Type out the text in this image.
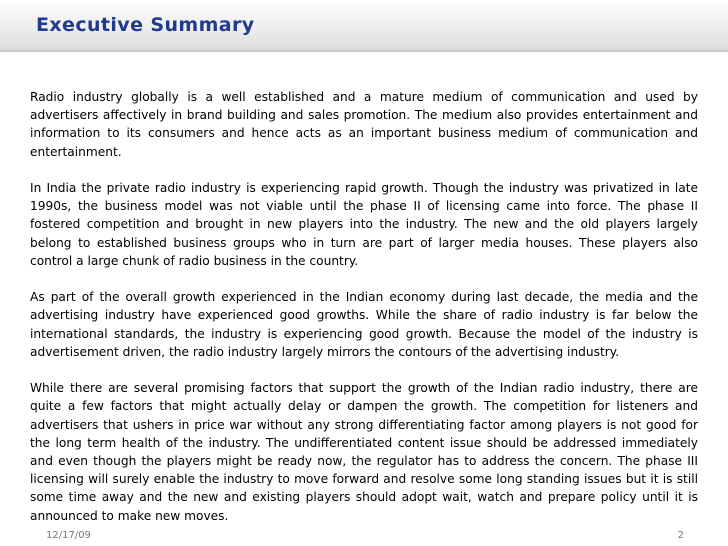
Executive Summary

Radio industry globally is a well established and a mature medium of communication and used by advertisers affectively in brand building and sales promotion. The medium also provides entertainment and information to its consumers and hence acts as an important business medium of communication and entertainment.

In India the private radio industry is experiencing rapid growth. Though the industry was privatized in late 1990s, the business model was not viable until the phase II of licensing came into force. The phase II fostered competition and brought in new players into the industry. The new and the old players largely belong to established business groups who in turn are part of larger media houses. These players also control a large chunk of radio business in the country.

As part of the overall growth experienced in the Indian economy during last decade, the media and the advertising industry have experienced good growths. While the share of radio industry is far below the international standards, the industry is experiencing good growth. Because the model of the industry is advertisement driven, the radio industry largely mirrors the contours of the advertising industry.

While there are several promising factors that support the growth of the Indian radio industry, there are quite a few factors that might actually delay or dampen the growth. The competition for listeners and advertisers that ushers in price war without any strong differentiating factor among players is not good for the long term health of the industry. The undifferentiated content issue should be addressed immediately and even though the players might be ready now, the regulator has to address the concern. The phase III licensing will surely enable the industry to move forward and resolve some long standing issues but it is still some time away and the new and existing players should adopt wait, watch and prepare policy until it is announced to make new moves.

12/17/09	2
